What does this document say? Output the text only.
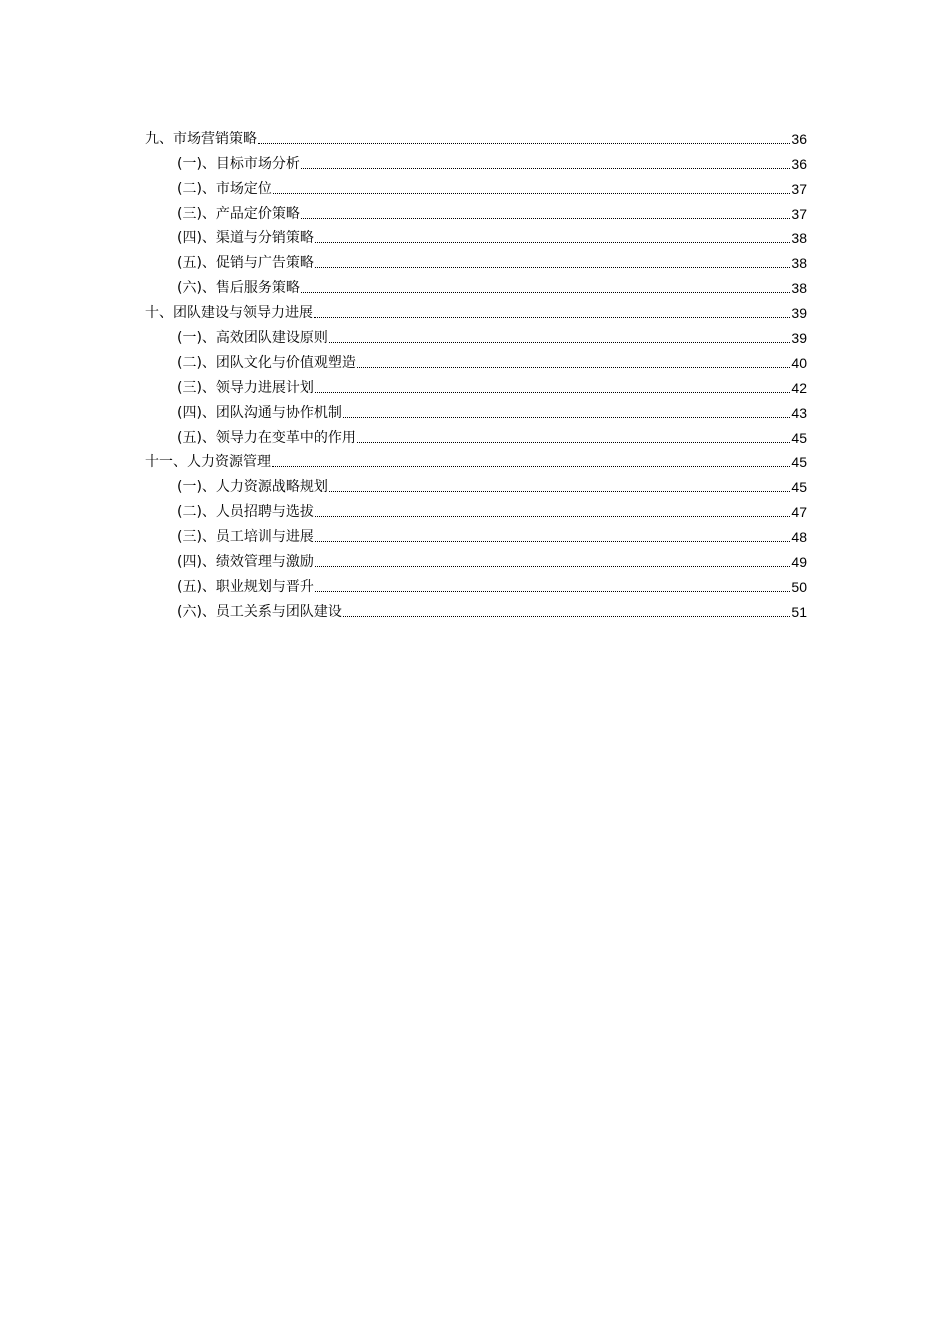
九、市场营销策略	36
(一)、目标市场分析	36
(二)、市场定位	37
(三)、产品定价策略	37
(四)、渠道与分销策略	38
(五)、促销与广告策略	38
(六)、售后服务策略	38
十、团队建设与领导力进展	39
(一)、高效团队建设原则	39
(二)、团队文化与价值观塑造	40
(三)、领导力进展计划	42
(四)、团队沟通与协作机制	43
(五)、领导力在变革中的作用	45
十一、人力资源管理	45
(一)、人力资源战略规划	45
(二)、人员招聘与选拔	47
(三)、员工培训与进展	48
(四)、绩效管理与激励	49
(五)、职业规划与晋升	50
(六)、员工关系与团队建设	51
